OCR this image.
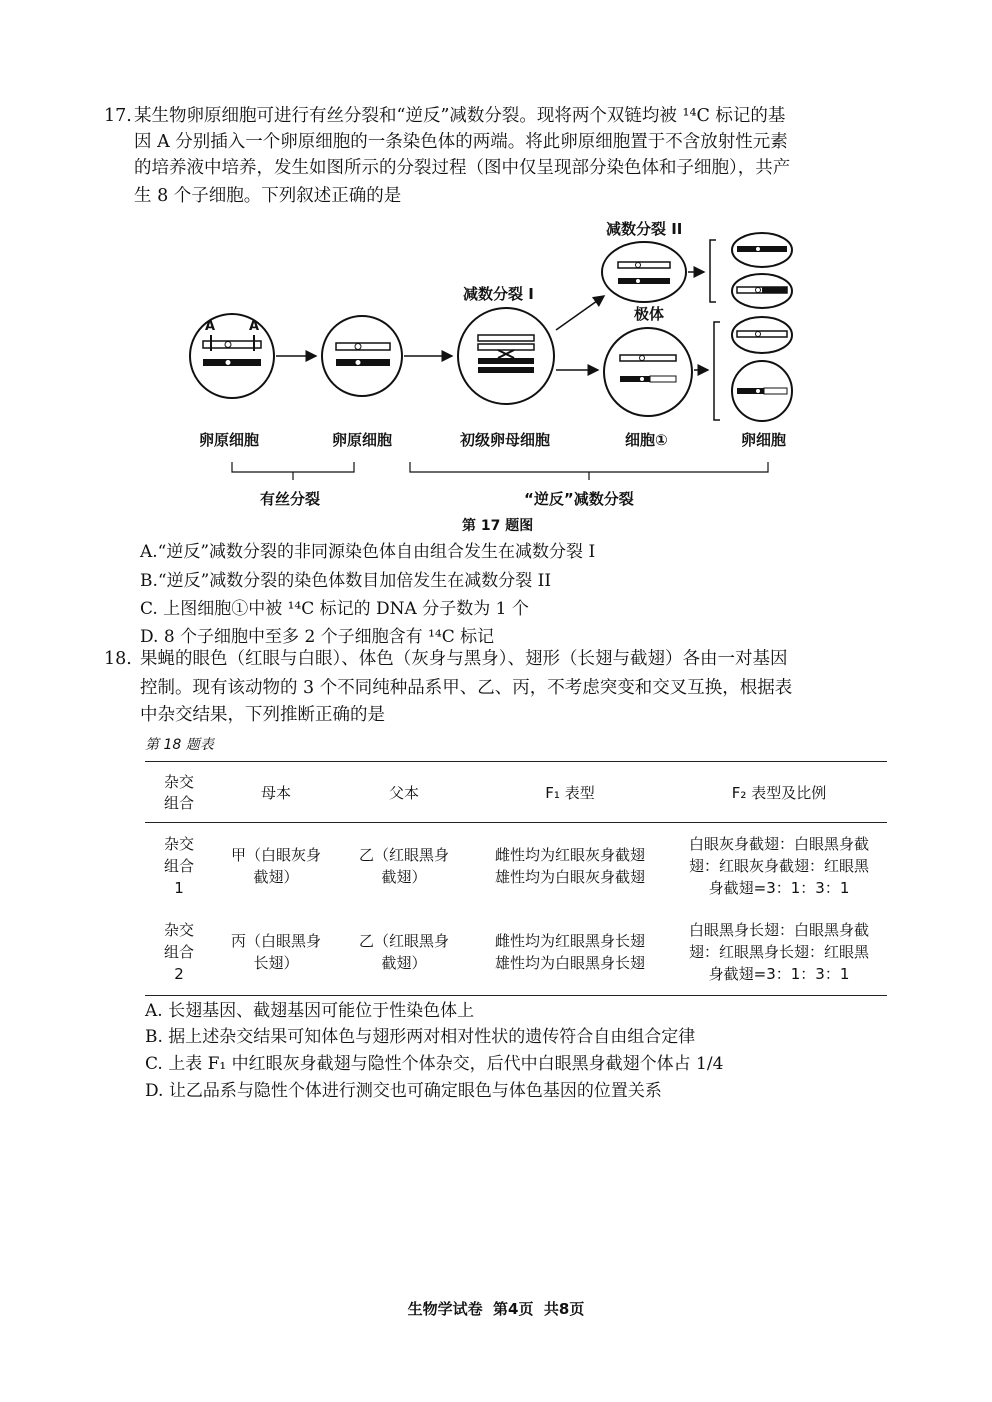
17. 某生物卵原细胞可进行有丝分裂和“逆反”减数分裂。现将两个双链均被 ¹⁴C 标记的基
因 A 分别插入一个卵原细胞的一条染色体的两端。将此卵原细胞置于不含放射性元素
的培养液中培养，发生如图所示的分裂过程（图中仅呈现部分染色体和子细胞），共产
生 8 个子细胞。下列叙述正确的是
A	A
减数分裂 I
减数分裂 II
极体
卵原细胞	卵原细胞	初级卵母细胞	细胞①	卵细胞
有丝分裂	“逆反”减数分裂
第 17 题图
A.“逆反”减数分裂的非同源染色体自由组合发生在减数分裂 I
B.“逆反”减数分裂的染色体数目加倍发生在减数分裂 II
C. 上图细胞①中被 ¹⁴C 标记的 DNA 分子数为 1 个
D. 8 个子细胞中至多 2 个子细胞含有 ¹⁴C 标记
18. 果蝇的眼色（红眼与白眼）、体色（灰身与黑身）、翅形（长翅与截翅）各由一对基因
控制。现有该动物的 3 个不同纯种品系甲、乙、丙，不考虑突变和交叉互换，根据表
中杂交结果，下列推断正确的是
第 18 题表
杂交
组合	母本	父本	F₁ 表型	F₂ 表型及比例
杂交
组合
1	甲（白眼灰身
截翅）	乙（红眼黑身
截翅）	雌性均为红眼灰身截翅
雄性均为白眼灰身截翅	白眼灰身截翅：白眼黑身截
翅：红眼灰身截翅：红眼黑
身截翅=3：1：3：1
杂交
组合
2	丙（白眼黑身
长翅）	乙（红眼黑身
截翅）	雌性均为红眼黑身长翅
雄性均为白眼黑身长翅	白眼黑身长翅：白眼黑身截
翅：红眼黑身长翅：红眼黑
身截翅=3：1：3：1
A. 长翅基因、截翅基因可能位于性染色体上
B. 据上述杂交结果可知体色与翅形两对相对性状的遗传符合自由组合定律
C. 上表 F₁ 中红眼灰身截翅与隐性个体杂交，后代中白眼黑身截翅个体占 1/4
D. 让乙品系与隐性个体进行测交也可确定眼色与体色基因的位置关系
生物学试卷  第4页  共8页
